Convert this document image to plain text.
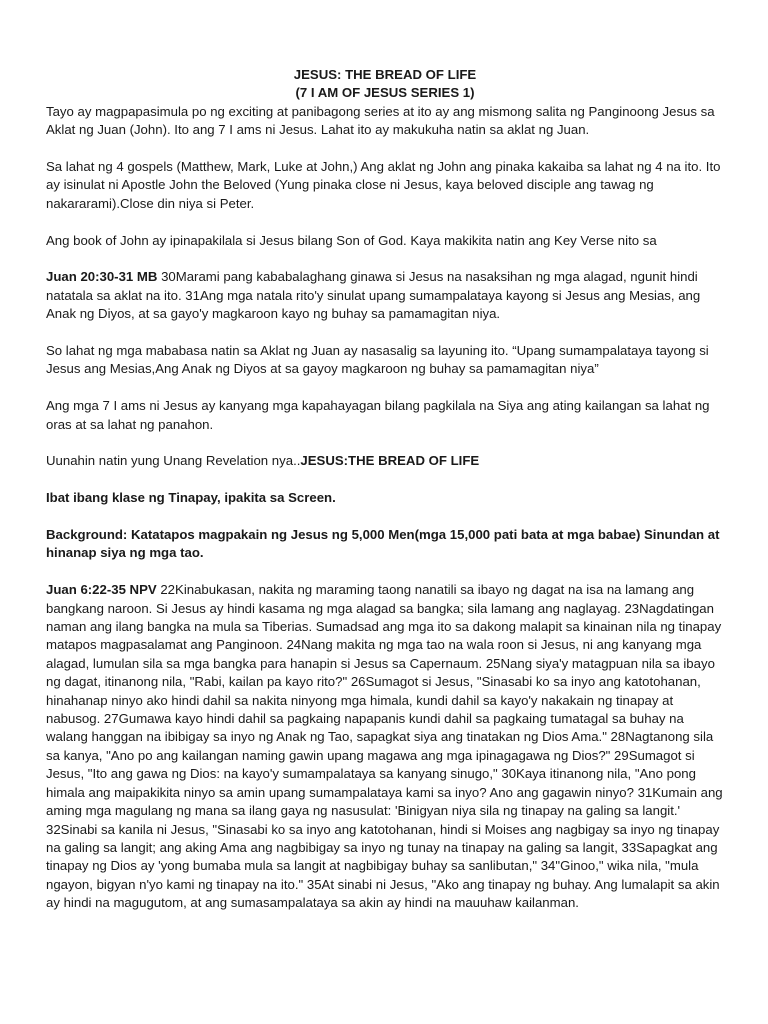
JESUS: THE BREAD OF LIFE
(7 I AM OF JESUS SERIES 1)

Tayo ay magpapasimula po ng exciting at panibagong series at ito ay ang mismong salita ng Panginoong Jesus sa Aklat ng Juan (John). Ito ang 7 I ams ni Jesus. Lahat ito ay makukuha natin sa aklat ng Juan.

Sa lahat ng 4 gospels (Matthew, Mark, Luke at John,) Ang aklat ng John ang pinaka kakaiba sa lahat ng 4 na ito. Ito ay isinulat ni Apostle John the Beloved (Yung pinaka close ni Jesus, kaya beloved disciple ang tawag ng nakararami).Close din niya si Peter.

Ang book of John ay ipinapakilala si Jesus bilang Son of God. Kaya makikita natin ang Key Verse nito sa

Juan 20:30-31 MB 30Marami pang kababalaghang ginawa si Jesus na nasaksihan ng mga alagad, ngunit hindi natatala sa aklat na ito. 31Ang mga natala rito'y sinulat upang sumampalataya kayong si Jesus ang Mesias, ang Anak ng Diyos, at sa gayo'y magkaroon kayo ng buhay sa pamamagitan niya.

So lahat ng mga mababasa natin sa Aklat ng Juan ay nasasalig sa layuning ito. “Upang sumampalataya tayong si Jesus ang Mesias,Ang Anak ng Diyos at sa gayoy magkaroon ng buhay sa pamamagitan niya”

Ang mga 7 I ams ni Jesus ay kanyang mga kapahayagan bilang pagkilala na Siya ang ating kailangan sa lahat ng oras at sa lahat ng panahon.

Uunahin natin yung Unang Revelation nya..JESUS:THE BREAD OF LIFE

Ibat ibang klase ng Tinapay, ipakita sa Screen.

Background: Katatapos magpakain ng Jesus ng 5,000 Men(mga 15,000 pati bata at mga babae) Sinundan at hinanap siya ng mga tao.

Juan 6:22-35 NPV 22Kinabukasan, nakita ng maraming taong nanatili sa ibayo ng dagat na isa na lamang ang bangkang naroon. Si Jesus ay hindi kasama ng mga alagad sa bangka; sila lamang ang naglayag. 23Nagdatingan naman ang ilang bangka na mula sa Tiberias. Sumadsad ang mga ito sa dakong malapit sa kinainan nila ng tinapay matapos magpasalamat ang Panginoon. 24Nang makita ng mga tao na wala roon si Jesus, ni ang kanyang mga alagad, lumulan sila sa mga bangka para hanapin si Jesus sa Capernaum. 25Nang siya'y matagpuan nila sa ibayo ng dagat, itinanong nila, "Rabi, kailan pa kayo rito?" 26Sumagot si Jesus, "Sinasabi ko sa inyo ang katotohanan, hinahanap ninyo ako hindi dahil sa nakita ninyong mga himala, kundi dahil sa kayo'y nakakain ng tinapay at nabusog. 27Gumawa kayo hindi dahil sa pagkaing napapanis kundi dahil sa pagkaing tumatagal sa buhay na walang hanggan na ibibigay sa inyo ng Anak ng Tao, sapagkat siya ang tinatakan ng Dios Ama." 28Nagtanong sila sa kanya, "Ano po ang kailangan naming gawin upang magawa ang mga ipinagagawa ng Dios?" 29Sumagot si Jesus, "Ito ang gawa ng Dios: na kayo'y sumampalataya sa kanyang sinugo," 30Kaya itinanong nila, "Ano pong himala ang maipakikita ninyo sa amin upang sumampalataya kami sa inyo? Ano ang gagawin ninyo? 31Kumain ang aming mga magulang ng mana sa ilang gaya ng nasusulat: 'Binigyan niya sila ng tinapay na galing sa langit.' 32Sinabi sa kanila ni Jesus, "Sinasabi ko sa inyo ang katotohanan, hindi si Moises ang nagbigay sa inyo ng tinapay na galing sa langit; ang aking Ama ang nagbibigay sa inyo ng tunay na tinapay na galing sa langit, 33Sapagkat ang tinapay ng Dios ay 'yong bumaba mula sa langit at nagbibigay buhay sa sanlibutan," 34"Ginoo," wika nila, "mula ngayon, bigyan n'yo kami ng tinapay na ito." 35At sinabi ni Jesus, "Ako ang tinapay ng buhay. Ang lumalapit sa akin ay hindi na magugutom, at ang sumasampalataya sa akin ay hindi na mauuhaw kailanman.
